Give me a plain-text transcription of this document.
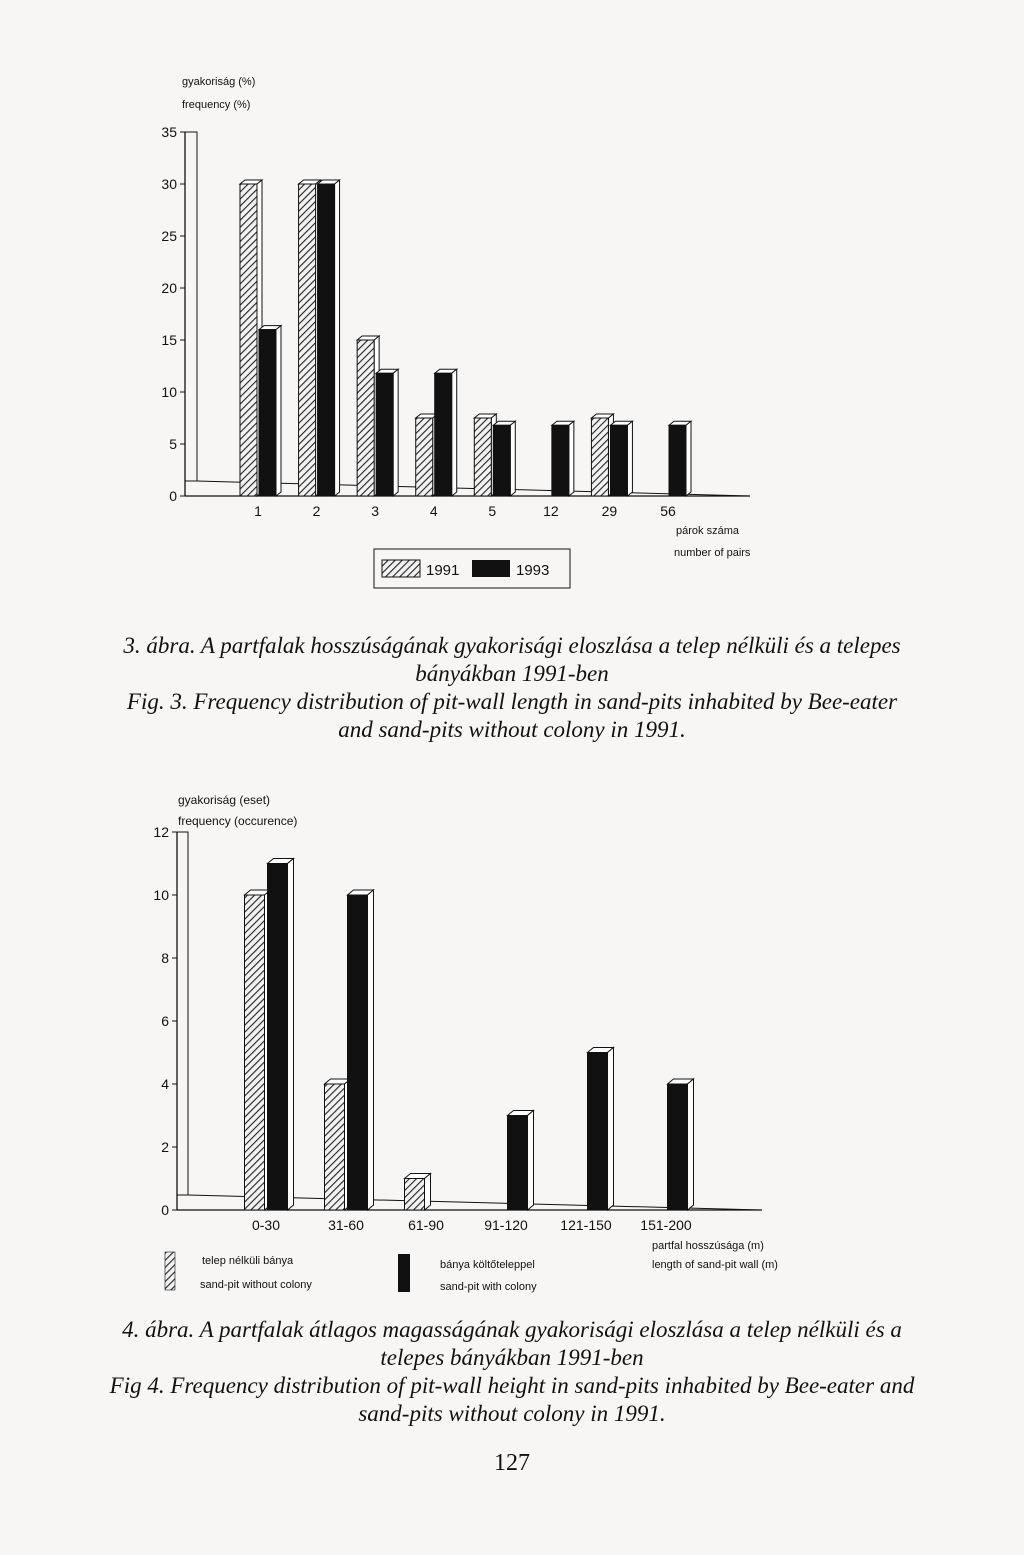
gyakoriság (%)
frequency (%)
0
5
10
15
20
25
30
35
1	2	3	4	5	12	29	56
párok száma
number of pairs
1991	1993
3. ábra. A partfalak hosszúságának gyakorisági eloszlása a telep nélküli és a telepes
bányákban 1991-ben
Fig. 3. Frequency distribution of pit-wall length in sand-pits inhabited by Bee-eater
and sand-pits without colony in 1991.
gyakoriság (eset)
frequency (occurence)
0
2
4
6
8
10
12
0-30	31-60	61-90	91-120 121-150 151-200
partfal hosszúsága (m)
length of sand-pit wall (m)
telep nélküli bánya
sand-pit without colony
bánya költőteleppel
sand-pit with colony
4. ábra. A partfalak átlagos magasságának gyakorisági eloszlása a telep nélküli és a
telepes bányákban 1991-ben
Fig 4. Frequency distribution of pit-wall height in sand-pits inhabited by Bee-eater and
sand-pits without colony in 1991.
127
